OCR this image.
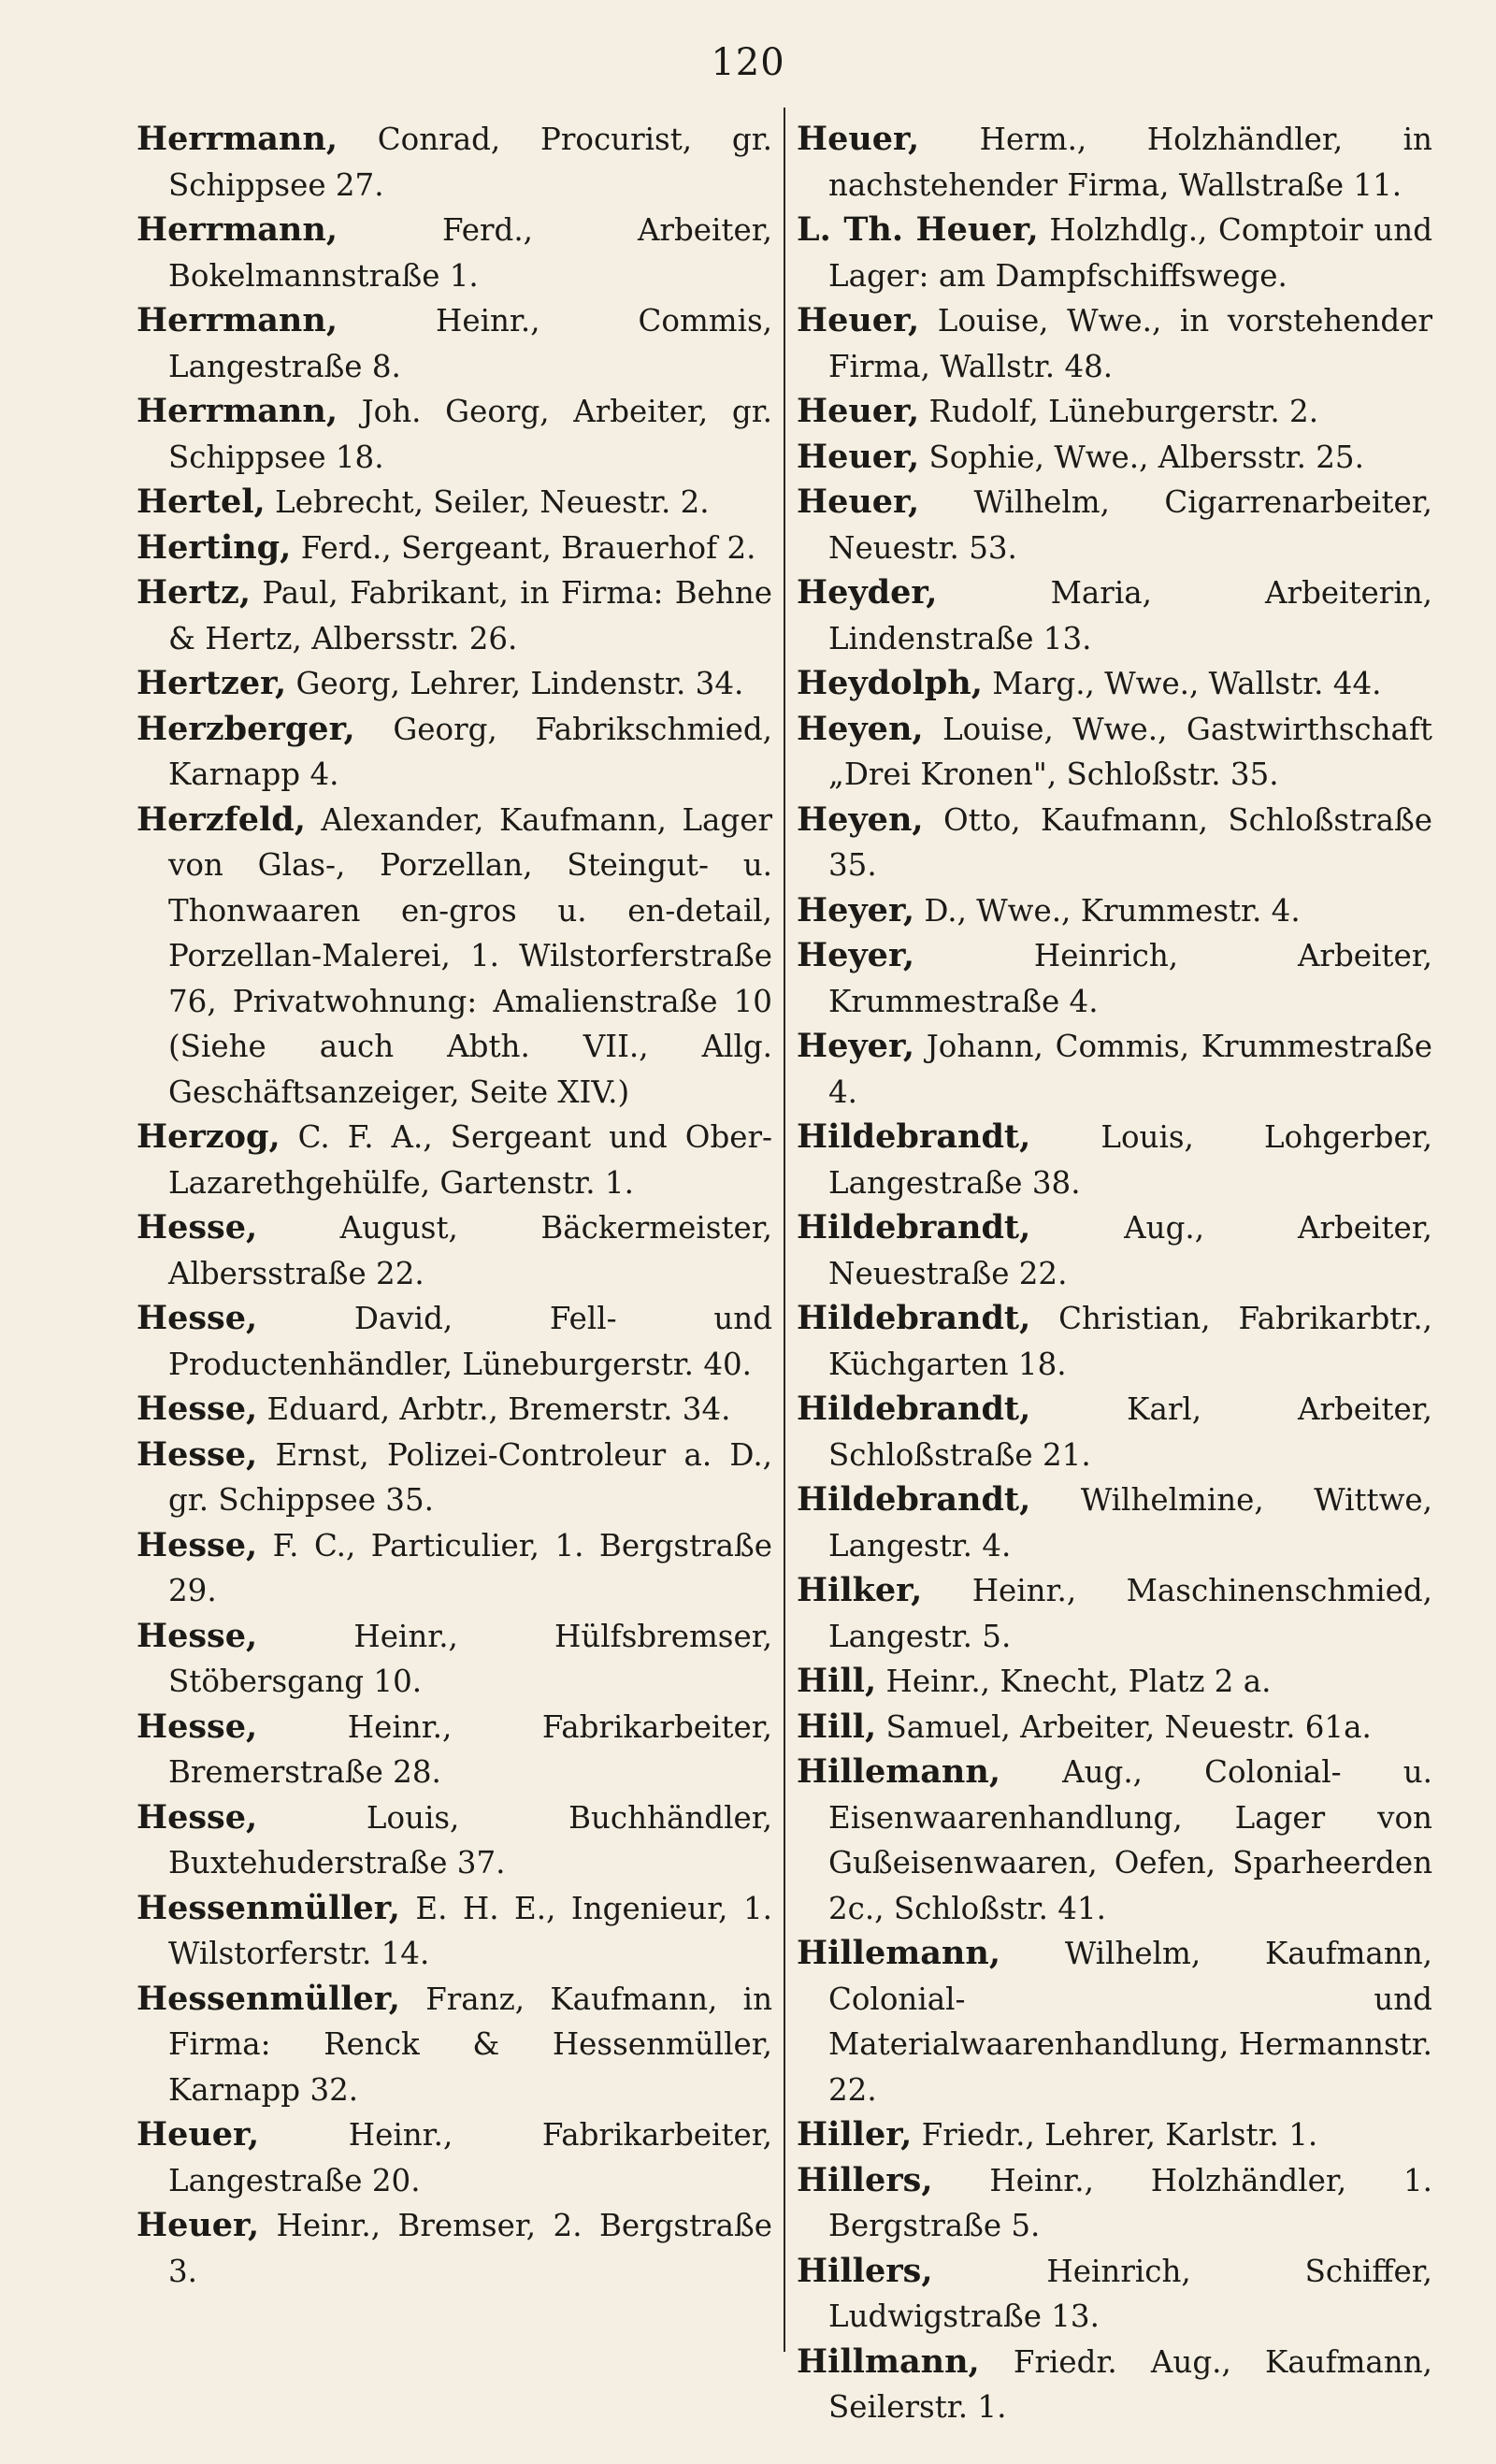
120

Herrmann, Conrad, Procurist, gr. Schippsee 27.

Herrmann, Ferd., Arbeiter, Bokelmannstraße 1.

Herrmann, Heinr., Commis, Langestraße 8.

Herrmann, Joh. Georg, Arbeiter, gr. Schippsee 18.

Hertel, Lebrecht, Seiler, Neuestr. 2.

Herting, Ferd., Sergeant, Brauerhof 2.

Hertz, Paul, Fabrikant, in Firma: Behne & Hertz, Albersstr. 26.

Hertzer, Georg, Lehrer, Lindenstr. 34.

Herzberger, Georg, Fabrikschmied, Karnapp 4.

Herzfeld, Alexander, Kaufmann, Lager von Glas-, Porzellan, Steingut- u. Thonwaaren en-gros u. en-detail, Porzellan-Malerei, 1. Wilstorferstraße 76, Privatwohnung: Amalienstraße 10 (Siehe auch Abth. VII., Allg. Geschäftsanzeiger, Seite XIV.)

Herzog, C. F. A., Sergeant und Ober-Lazarethgehülfe, Gartenstr. 1.

Hesse, August, Bäckermeister, Albersstraße 22.

Hesse, David, Fell- und Productenhändler, Lüneburgerstr. 40.

Hesse, Eduard, Arbtr., Bremerstr. 34.

Hesse, Ernst, Polizei-Controleur a. D., gr. Schippsee 35.

Hesse, F. C., Particulier, 1. Bergstraße 29.

Hesse, Heinr., Hülfsbremser, Stöbersgang 10.

Hesse, Heinr., Fabrikarbeiter, Bremerstraße 28.

Hesse, Louis, Buchhändler, Buxtehuderstraße 37.

Hessenmüller, E. H. E., Ingenieur, 1. Wilstorferstr. 14.

Hessenmüller, Franz, Kaufmann, in Firma: Renck & Hessenmüller, Karnapp 32.

Heuer, Heinr., Fabrikarbeiter, Langestraße 20.

Heuer, Heinr., Bremser, 2. Bergstraße 3.

Heuer, Herm., Holzhändler, in nachstehender Firma, Wallstraße 11.

L. Th. Heuer, Holzhdlg., Comptoir und Lager: am Dampfschiffswege.

Heuer, Louise, Wwe., in vorstehender Firma, Wallstr. 48.

Heuer, Rudolf, Lüneburgerstr. 2.

Heuer, Sophie, Wwe., Albersstr. 25.

Heuer, Wilhelm, Cigarrenarbeiter, Neuestr. 53.

Heyder, Maria, Arbeiterin, Lindenstraße 13.

Heydolph, Marg., Wwe., Wallstr. 44.

Heyen, Louise, Wwe., Gastwirthschaft „Drei Kronen", Schloßstr. 35.

Heyen, Otto, Kaufmann, Schloßstraße 35.

Heyer, D., Wwe., Krummestr. 4.

Heyer, Heinrich, Arbeiter, Krummestraße 4.

Heyer, Johann, Commis, Krummestraße 4.

Hildebrandt, Louis, Lohgerber, Langestraße 38.

Hildebrandt, Aug., Arbeiter, Neuestraße 22.

Hildebrandt, Christian, Fabrikarbtr., Küchgarten 18.

Hildebrandt, Karl, Arbeiter, Schloßstraße 21.

Hildebrandt, Wilhelmine, Wittwe, Langestr. 4.

Hilker, Heinr., Maschinenschmied, Langestr. 5.

Hill, Heinr., Knecht, Platz 2 a.

Hill, Samuel, Arbeiter, Neuestr. 61a.

Hillemann, Aug., Colonial- u. Eisenwaarenhandlung, Lager von Gußeisenwaaren, Oefen, Sparheerden 2c., Schloßstr. 41.

Hillemann, Wilhelm, Kaufmann, Colonial- und Materialwaarenhandlung, Hermannstr. 22.

Hiller, Friedr., Lehrer, Karlstr. 1.

Hillers, Heinr., Holzhändler, 1. Bergstraße 5.

Hillers, Heinrich, Schiffer, Ludwigstraße 13.

Hillmann, Friedr. Aug., Kaufmann, Seilerstr. 1.
